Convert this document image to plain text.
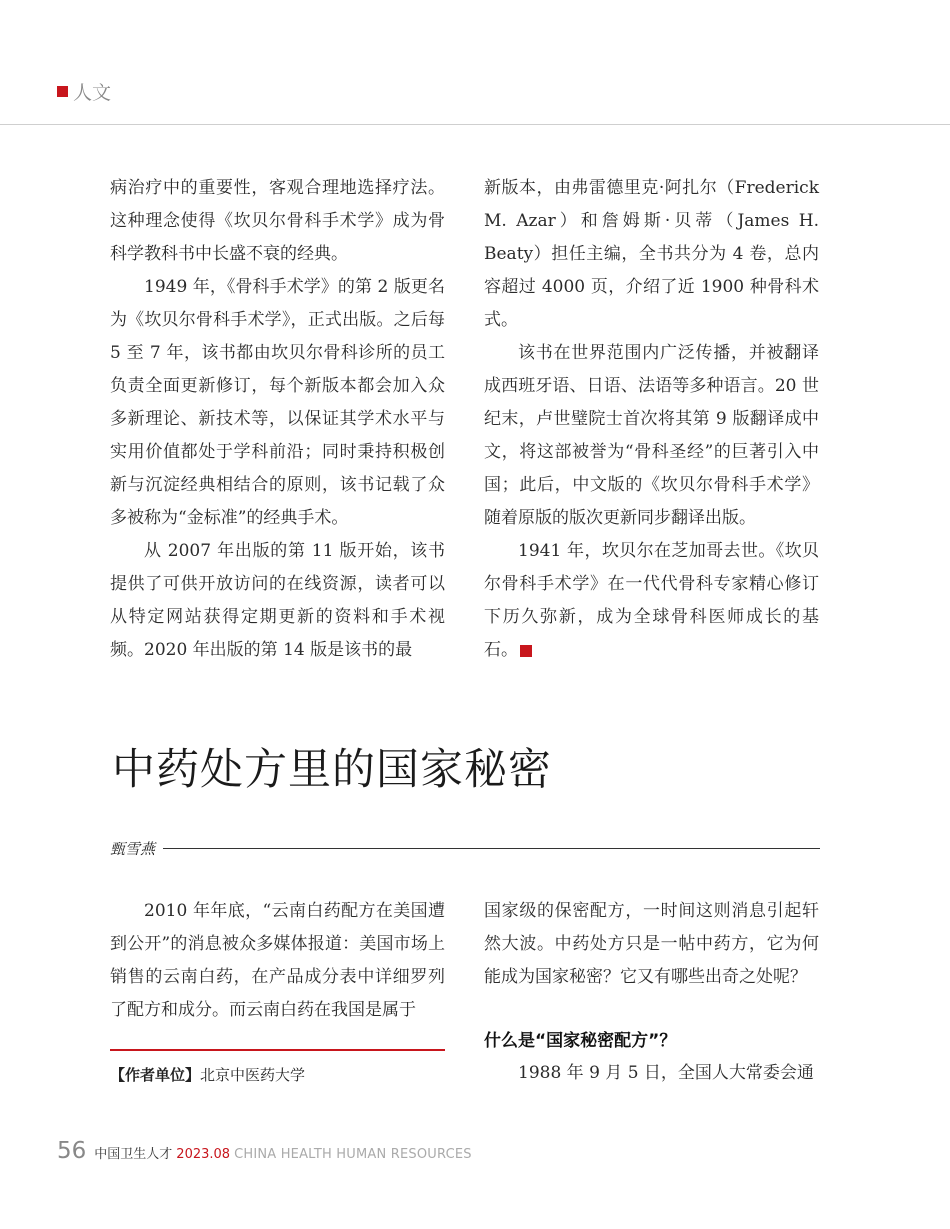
人文

病治疗中的重要性，客观合理地选择疗法。这种理念使得《坎贝尔骨科手术学》成为骨科学教科书中长盛不衰的经典。

1949 年，《骨科手术学》的第 2 版更名为《坎贝尔骨科手术学》，正式出版。之后每 5 至 7 年，该书都由坎贝尔骨科诊所的员工负责全面更新修订，每个新版本都会加入众多新理论、新技术等，以保证其学术水平与实用价值都处于学科前沿；同时秉持积极创新与沉淀经典相结合的原则，该书记载了众多被称为“金标准”的经典手术。

从 2007 年出版的第 11 版开始，该书提供了可供开放访问的在线资源，读者可以从特定网站获得定期更新的资料和手术视频。2020 年出版的第 14 版是该书的最

新版本，由弗雷德里克·阿扎尔（Frederick M. Azar）和詹姆斯·贝蒂（James H. Beaty）担任主编，全书共分为 4 卷，总内容超过 4000 页，介绍了近 1900 种骨科术式。

该书在世界范围内广泛传播，并被翻译成西班牙语、日语、法语等多种语言。20 世纪末，卢世璧院士首次将其第 9 版翻译成中文，将这部被誉为“骨科圣经”的巨著引入中国；此后，中文版的《坎贝尔骨科手术学》随着原版的版次更新同步翻译出版。

1941 年，坎贝尔在芝加哥去世。《坎贝尔骨科手术学》在一代代骨科专家精心修订下历久弥新，成为全球骨科医师成长的基石。	人

中药处方里的国家秘密
甄雪燕

2010 年年底，“云南白药配方在美国遭到公开”的消息被众多媒体报道：美国市场上销售的云南白药，在产品成分表中详细罗列了配方和成分。而云南白药在我国是属于

国家级的保密配方，一时间这则消息引起轩然大波。中药处方只是一帖中药方，它为何能成为国家秘密？它又有哪些出奇之处呢？

什么是“国家秘密配方”？

1988 年 9 月 5 日，全国人大常委会通

【作者单位】北京中医药大学
56 中国卫生人才 2023.08 CHINA HEALTH HUMAN RESOURCES
